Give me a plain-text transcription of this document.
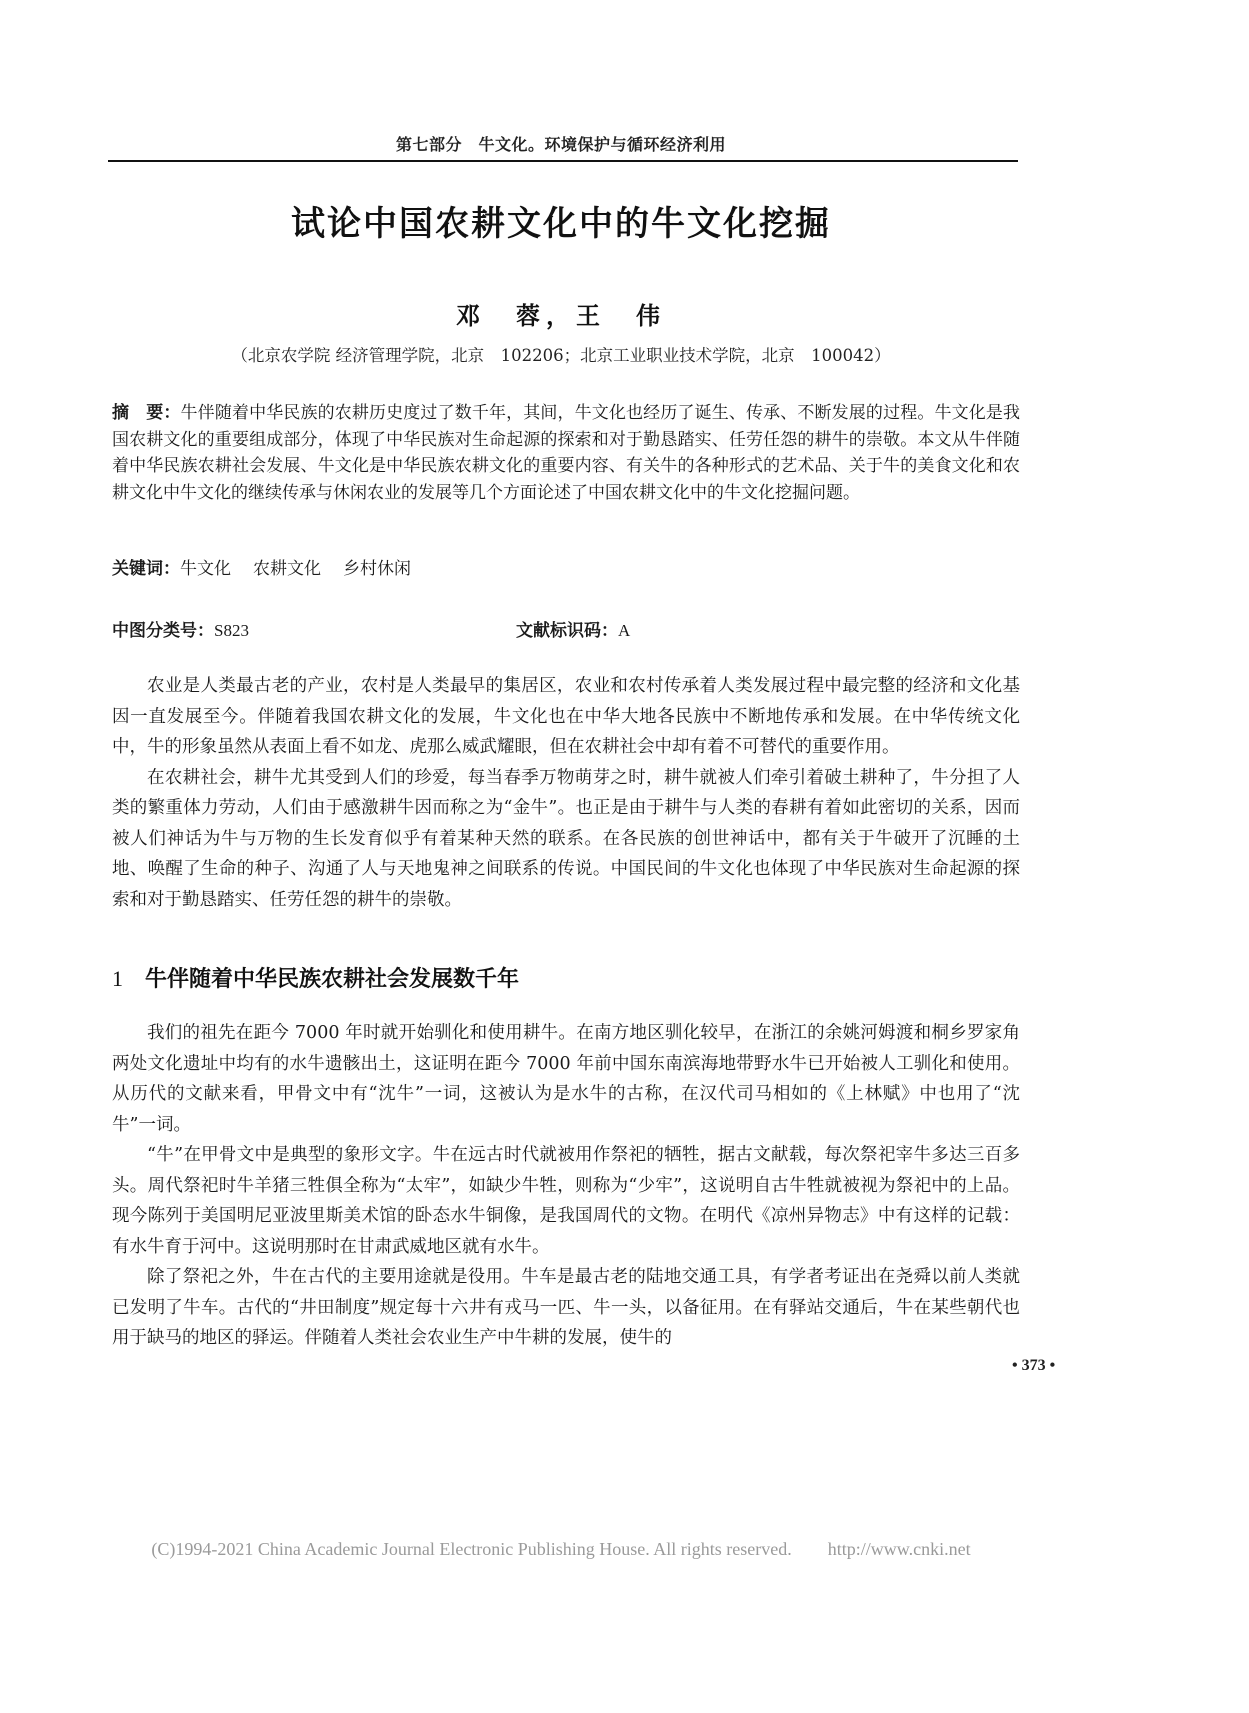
第七部分　牛文化。环境保护与循环经济利用
试论中国农耕文化中的牛文化挖掘
邓　蓉，王　伟
（北京农学院 经济管理学院，北京　102206；北京工业职业技术学院，北京　100042）
摘　要：牛伴随着中华民族的农耕历史度过了数千年，其间，牛文化也经历了诞生、传承、不断发展的过程。牛文化是我国农耕文化的重要组成部分，体现了中华民族对生命起源的探索和对于勤恳踏实、任劳任怨的耕牛的崇敬。本文从牛伴随着中华民族农耕社会发展、牛文化是中华民族农耕文化的重要内容、有关牛的各种形式的艺术品、关于牛的美食文化和农耕文化中牛文化的继续传承与休闲农业的发展等几个方面论述了中国农耕文化中的牛文化挖掘问题。
关键词：牛文化 农耕文化 乡村休闲
中图分类号：S823	文献标识码：A

农业是人类最古老的产业，农村是人类最早的集居区，农业和农村传承着人类发展过程中最完整的经济和文化基因一直发展至今。伴随着我国农耕文化的发展，牛文化也在中华大地各民族中不断地传承和发展。在中华传统文化中，牛的形象虽然从表面上看不如龙、虎那么威武耀眼，但在农耕社会中却有着不可替代的重要作用。

在农耕社会，耕牛尤其受到人们的珍爱，每当春季万物萌芽之时，耕牛就被人们牵引着破土耕种了，牛分担了人类的繁重体力劳动，人们由于感激耕牛因而称之为“金牛”。也正是由于耕牛与人类的春耕有着如此密切的关系，因而被人们神话为牛与万物的生长发育似乎有着某种天然的联系。在各民族的创世神话中，都有关于牛破开了沉睡的土地、唤醒了生命的种子、沟通了人与天地鬼神之间联系的传说。中国民间的牛文化也体现了中华民族对生命起源的探索和对于勤恳踏实、任劳任怨的耕牛的崇敬。

1 牛伴随着中华民族农耕社会发展数千年

我们的祖先在距今 7000 年时就开始驯化和使用耕牛。在南方地区驯化较早，在浙江的余姚河姆渡和桐乡罗家角两处文化遗址中均有的水牛遗骸出土，这证明在距今 7000 年前中国东南滨海地带野水牛已开始被人工驯化和使用。从历代的文献来看，甲骨文中有“沈牛”一词，这被认为是水牛的古称，在汉代司马相如的《上林赋》中也用了“沈牛”一词。

“牛”在甲骨文中是典型的象形文字。牛在远古时代就被用作祭祀的牺牲，据古文献载，每次祭祀宰牛多达三百多头。周代祭祀时牛羊猪三牲俱全称为“太牢”，如缺少牛牲，则称为“少牢”，这说明自古牛牲就被视为祭祀中的上品。现今陈列于美国明尼亚波里斯美术馆的卧态水牛铜像，是我国周代的文物。在明代《凉州异物志》中有这样的记载：有水牛育于河中。这说明那时在甘肃武威地区就有水牛。

除了祭祀之外，牛在古代的主要用途就是役用。牛车是最古老的陆地交通工具，有学者考证出在尧舜以前人类就已发明了牛车。古代的“井田制度”规定每十六井有戎马一匹、牛一头，以备征用。在有驿站交通后，牛在某些朝代也用于缺马的地区的驿运。伴随着人类社会农业生产中牛耕的发展，使牛的

• 373 •
(C)1994-2021 China Academic Journal Electronic Publishing House. All rights reserved.　　http://www.cnki.net
